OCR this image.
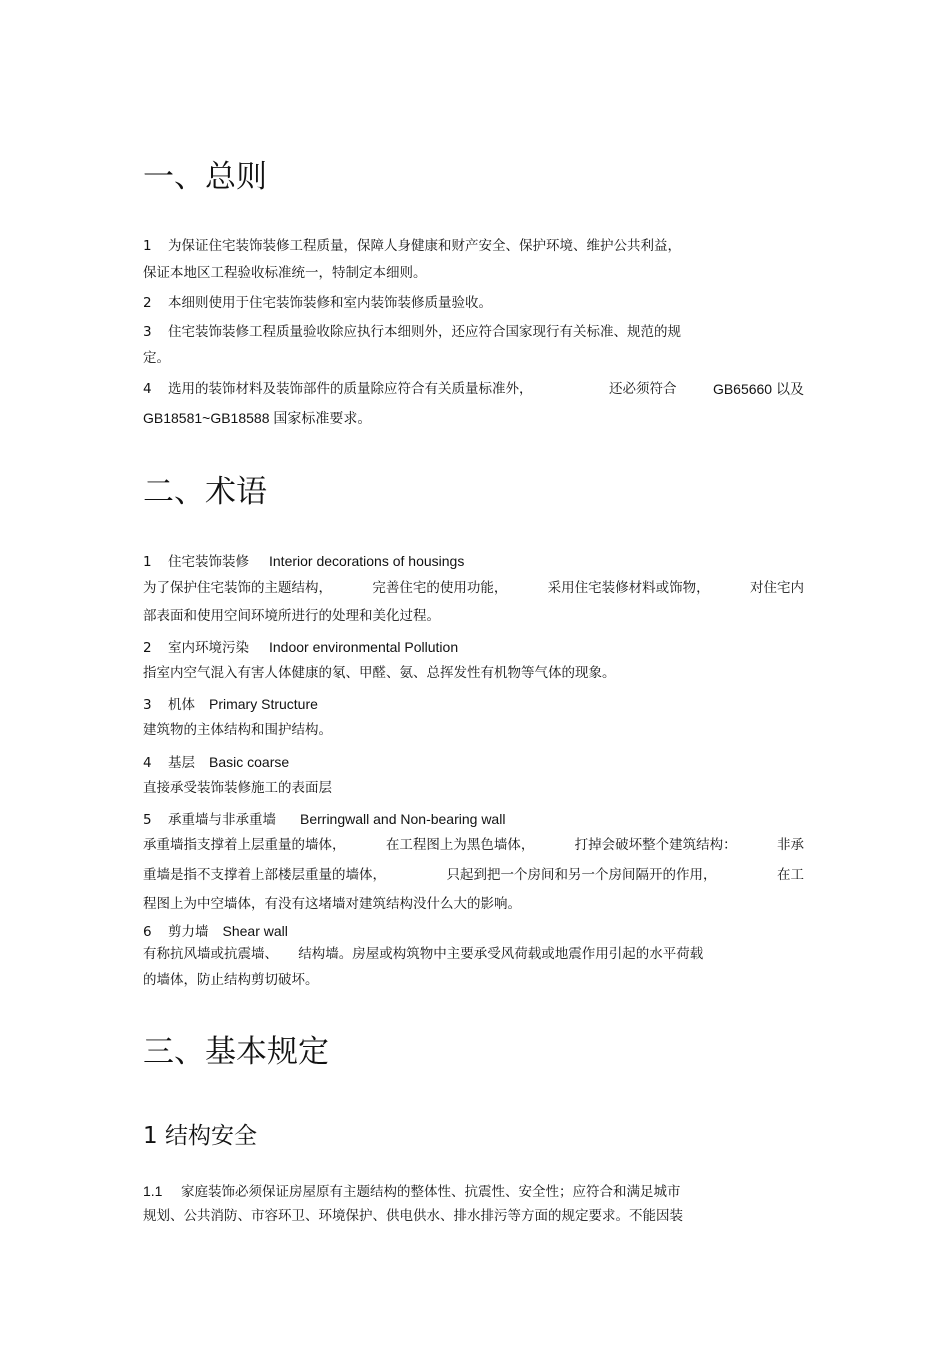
一、总则
1 为保证住宅装饰装修工程质量，保障人身健康和财产安全、保护环境、维护公共利益，
保证本地区工程验收标准统一，特制定本细则。
2 本细则使用于住宅装饰装修和室内装饰装修质量验收。
3 住宅装饰装修工程质量验收除应执行本细则外，还应符合国家现行有关标准、规范的规
定。
4 选用的装饰材料及装饰部件的质量除应符合有关质量标准外，	还必须符合	GB65660 以及
GB18581~GB18588 国家标准要求。
二、术语
1 住宅装饰装修 Interior decorations of housings
为了保护住宅装饰的主题结构，	完善住宅的使用功能，	采用住宅装修材料或饰物，	对住宅内
部表面和使用空间环境所进行的处理和美化过程。
2 室内环境污染 Indoor environmental Pollution
指室内空气混入有害人体健康的氡、甲醛、氨、总挥发性有机物等气体的现象。
3 机体 Primary Structure
建筑物的主体结构和围护结构。
4 基层 Basic coarse
直接承受装饰装修施工的表面层
5 承重墙与非承重墙 Berringwall and Non-bearing wall
承重墙指支撑着上层重量的墙体，	在工程图上为黑色墙体，	打掉会破坏整个建筑结构：	非承
重墙是指不支撑着上部楼层重量的墙体，	只起到把一个房间和另一个房间隔开的作用，	在工
程图上为中空墙体，有没有这堵墙对建筑结构没什么大的影响。
6 剪力墙 Shear wall
有称抗风墙或抗震墙、　　结构墙。房屋或构筑物中主要承受风荷载或地震作用引起的水平荷载
的墙体，防止结构剪切破坏。
三、基本规定
1 结构安全
1.1 家庭装饰必须保证房屋原有主题结构的整体性、抗震性、安全性；应符合和满足城市
规划、公共消防、市容环卫、环境保护、供电供水、排水排污等方面的规定要求。不能因装
